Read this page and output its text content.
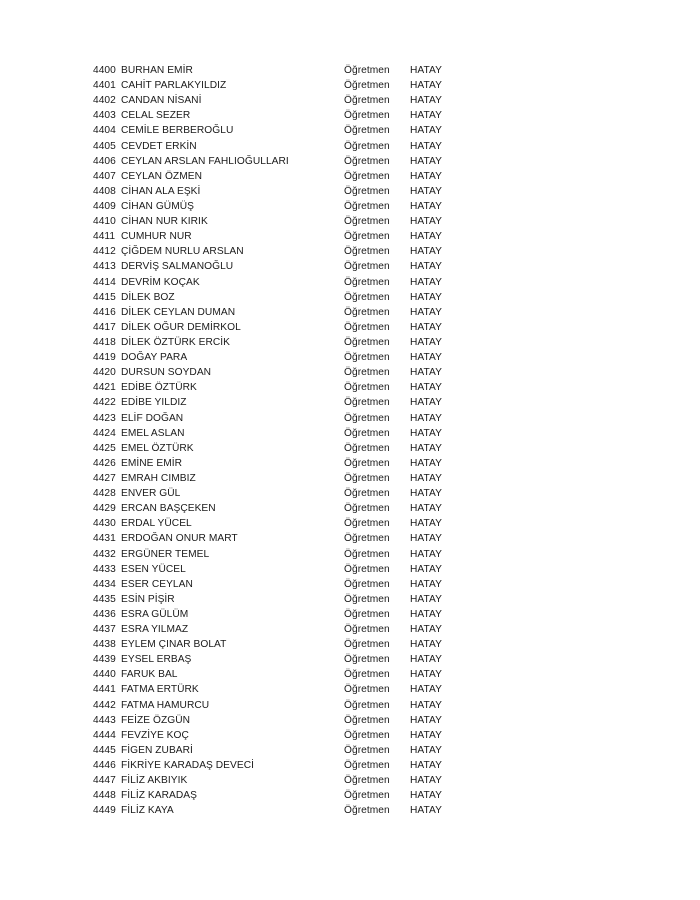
4400 BURHAN EMİR	Öğretmen HATAY
4401 CAHİT PARLAKYILDIZ	Öğretmen HATAY
4402 CANDAN NİSANİ	Öğretmen HATAY
4403 CELAL SEZER	Öğretmen HATAY
4404 CEMİLE BERBEROĞLU	Öğretmen HATAY
4405 CEVDET ERKİN	Öğretmen HATAY
4406 CEYLAN ARSLAN FAHLIOĞULLARI	Öğretmen HATAY
4407 CEYLAN ÖZMEN	Öğretmen HATAY
4408 CİHAN ALA EŞKİ	Öğretmen HATAY
4409 CİHAN GÜMÜŞ	Öğretmen HATAY
4410 CİHAN NUR KIRIK	Öğretmen HATAY
4411 CUMHUR NUR	Öğretmen HATAY
4412 ÇİĞDEM NURLU ARSLAN	Öğretmen HATAY
4413 DERVİŞ SALMANOĞLU	Öğretmen HATAY
4414 DEVRİM KOÇAK	Öğretmen HATAY
4415 DİLEK BOZ	Öğretmen HATAY
4416 DİLEK CEYLAN DUMAN	Öğretmen HATAY
4417 DİLEK OĞUR DEMİRKOL	Öğretmen HATAY
4418 DİLEK ÖZTÜRK ERCİK	Öğretmen HATAY
4419 DOĞAY PARA	Öğretmen HATAY
4420 DURSUN SOYDAN	Öğretmen HATAY
4421 EDİBE ÖZTÜRK	Öğretmen HATAY
4422 EDİBE YILDIZ	Öğretmen HATAY
4423 ELİF DOĞAN	Öğretmen HATAY
4424 EMEL ASLAN	Öğretmen HATAY
4425 EMEL ÖZTÜRK	Öğretmen HATAY
4426 EMİNE EMİR	Öğretmen HATAY
4427 EMRAH CIMBIZ	Öğretmen HATAY
4428 ENVER GÜL	Öğretmen HATAY
4429 ERCAN BAŞÇEKEN	Öğretmen HATAY
4430 ERDAL YÜCEL	Öğretmen HATAY
4431 ERDOĞAN ONUR MART	Öğretmen HATAY
4432 ERGÜNER TEMEL	Öğretmen HATAY
4433 ESEN YÜCEL	Öğretmen HATAY
4434 ESER CEYLAN	Öğretmen HATAY
4435 ESİN PİŞİR	Öğretmen HATAY
4436 ESRA GÜLÜM	Öğretmen HATAY
4437 ESRA YILMAZ	Öğretmen HATAY
4438 EYLEM ÇINAR BOLAT	Öğretmen HATAY
4439 EYSEL ERBAŞ	Öğretmen HATAY
4440 FARUK BAL	Öğretmen HATAY
4441 FATMA ERTÜRK	Öğretmen HATAY
4442 FATMA HAMURCU	Öğretmen HATAY
4443 FEİZE ÖZGÜN	Öğretmen HATAY
4444 FEVZİYE KOÇ	Öğretmen HATAY
4445 FİGEN ZUBARİ	Öğretmen HATAY
4446 FİKRİYE KARADAŞ DEVECİ	Öğretmen HATAY
4447 FİLİZ AKBIYIK	Öğretmen HATAY
4448 FİLİZ KARADAŞ	Öğretmen HATAY
4449 FİLİZ KAYA	Öğretmen HATAY
